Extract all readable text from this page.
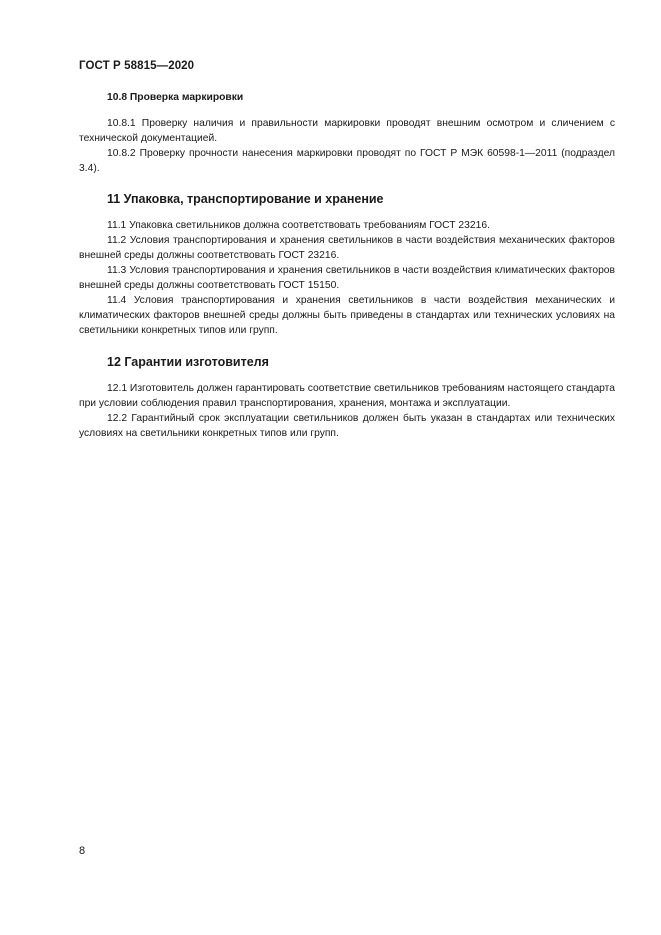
ГОСТ Р 58815—2020
10.8 Проверка маркировки

10.8.1 Проверку наличия и правильности маркировки проводят внешним осмотром и сличением с технической документацией.

10.8.2 Проверку прочности нанесения маркировки проводят по ГОСТ Р МЭК 60598-1—2011 (подраздел 3.4).

11 Упаковка, транспортирование и хранение

11.1 Упаковка светильников должна соответствовать требованиям ГОСТ 23216.

11.2 Условия транспортирования и хранения светильников в части воздействия механических факторов внешней среды должны соответствовать ГОСТ 23216.

11.3 Условия транспортирования и хранения светильников в части воздействия климатических факторов внешней среды должны соответствовать ГОСТ 15150.

11.4 Условия транспортирования и хранения светильников в части воздействия механических и климатических факторов внешней среды должны быть приведены в стандартах или технических условиях на светильники конкретных типов или групп.

12 Гарантии изготовителя

12.1 Изготовитель должен гарантировать соответствие светильников требованиям настоящего стандарта при условии соблюдения правил транспортирования, хранения, монтажа и эксплуатации.

12.2 Гарантийный срок эксплуатации светильников должен быть указан в стандартах или технических условиях на светильники конкретных типов или групп.

8
